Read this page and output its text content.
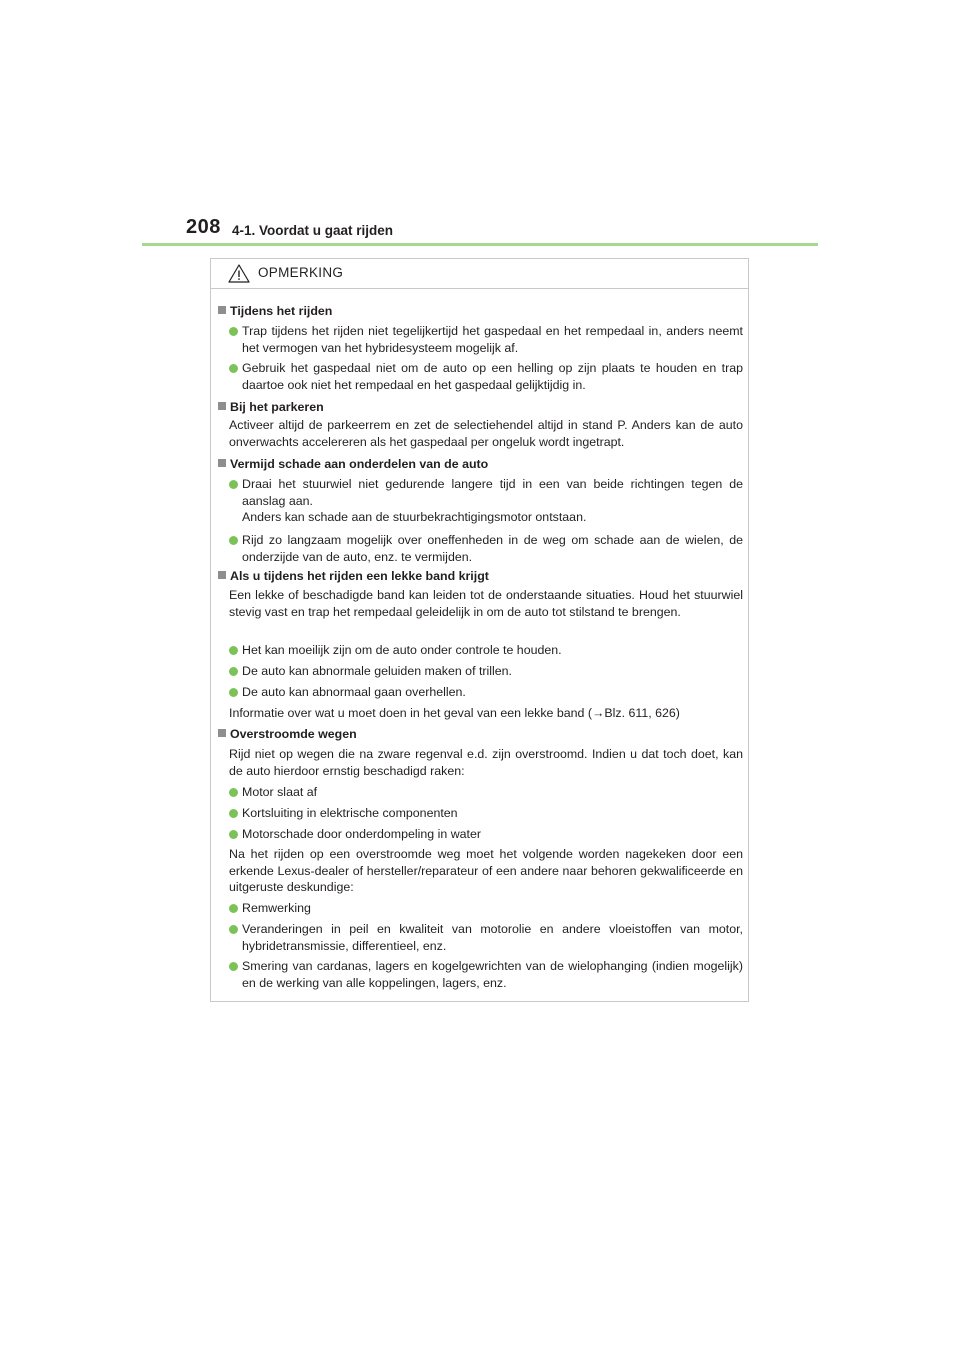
208 4-1. Voordat u gaat rijden
OPMERKING
Tijdens het rijden
Trap tijdens het rijden niet tegelijkertijd het gaspedaal en het rempedaal in, anders neemt het vermogen van het hybridesysteem mogelijk af.
Gebruik het gaspedaal niet om de auto op een helling op zijn plaats te houden en trap daartoe ook niet het rempedaal en het gaspedaal gelijktijdig in.
Bij het parkeren
Activeer altijd de parkeerrem en zet de selectiehendel altijd in stand P. Anders kan de auto onverwachts accelereren als het gaspedaal per ongeluk wordt ingetrapt.
Vermijd schade aan onderdelen van de auto
Draai het stuurwiel niet gedurende langere tijd in een van beide richtingen tegen de aanslag aan.
Anders kan schade aan de stuurbekrachtigingsmotor ontstaan.
Rijd zo langzaam mogelijk over oneffenheden in de weg om schade aan de wielen, de onderzijde van de auto, enz. te vermijden.
Als u tijdens het rijden een lekke band krijgt
Een lekke of beschadigde band kan leiden tot de onderstaande situaties. Houd het stuurwiel stevig vast en trap het rempedaal geleidelijk in om de auto tot stilstand te brengen.
Het kan moeilijk zijn om de auto onder controle te houden.
De auto kan abnormale geluiden maken of trillen.
De auto kan abnormaal gaan overhellen.
Informatie over wat u moet doen in het geval van een lekke band (→Blz. 611, 626)
Overstroomde wegen
Rijd niet op wegen die na zware regenval e.d. zijn overstroomd. Indien u dat toch doet, kan de auto hierdoor ernstig beschadigd raken:
Motor slaat af
Kortsluiting in elektrische componenten
Motorschade door onderdompeling in water
Na het rijden op een overstroomde weg moet het volgende worden nagekeken door een erkende Lexus-dealer of hersteller/reparateur of een andere naar behoren gekwalificeerde en uitgeruste deskundige:
Remwerking
Veranderingen in peil en kwaliteit van motorolie en andere vloeistoffen van motor, hybridetransmissie, differentieel, enz.
Smering van cardanas, lagers en kogelgewrichten van de wielophanging (indien mogelijk) en de werking van alle koppelingen, lagers, enz.
